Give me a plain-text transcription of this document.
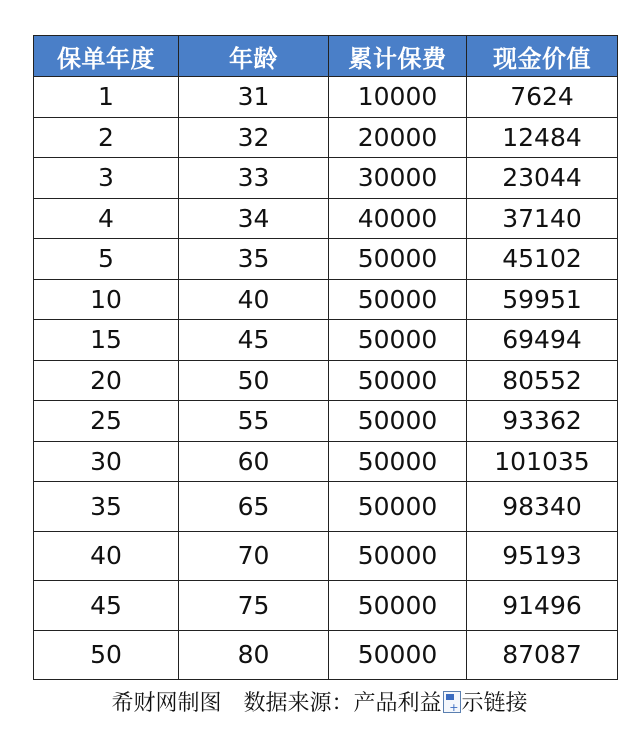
保单年度	年龄	累计保费	现金价值
1	31	10000	7624
2	32	20000	12484
3	33	30000	23044
4	34	40000	37140
5	35	50000	45102
10	40	50000	59951
15	45	50000	69494
20	50	50000	80552
25	55	50000	93362
30	60	50000	101035
35	65	50000	98340
40	70	50000	95193
45	75	50000	91496
50	80	50000	87087
希财网制图 数据来源：产品利益 + 示链接
